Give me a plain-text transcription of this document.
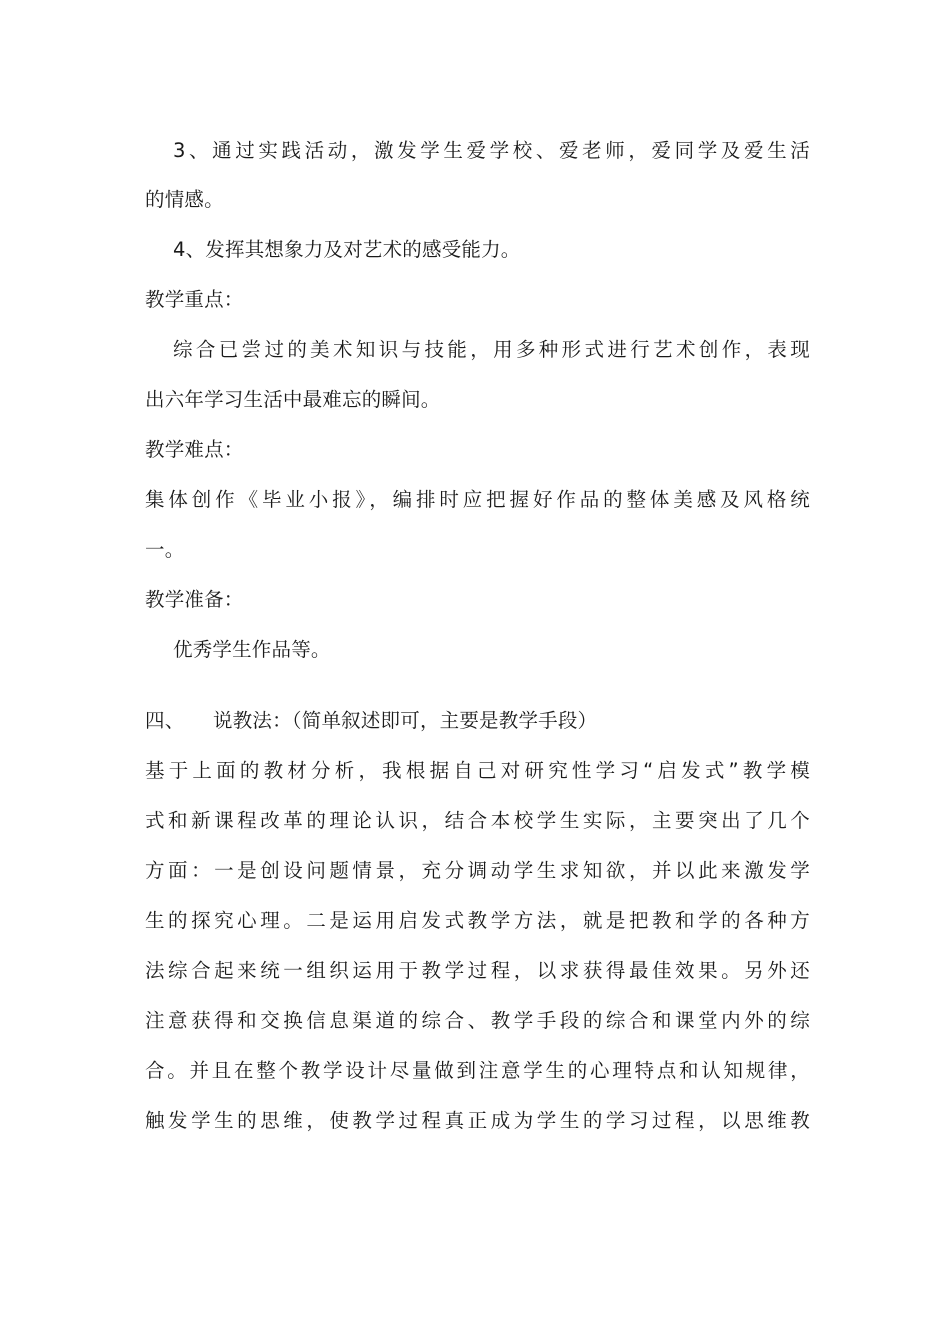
3、通过实践活动，激发学生爱学校、爱老师，爱同学及爱生活
的情感。
4、发挥其想象力及对艺术的感受能力。
教学重点：
综合已尝过的美术知识与技能，用多种形式进行艺术创作，表现
出六年学习生活中最难忘的瞬间。
教学难点：
集体创作《毕业小报》，编排时应把握好作品的整体美感及风格统
一。
教学准备：
优秀学生作品等。
四、 说教法：（简单叙述即可，主要是教学手段）
基于上面的教材分析，我根据自己对研究性学习“启发式”教学模
式和新课程改革的理论认识，结合本校学生实际，主要突出了几个
方面：一是创设问题情景，充分调动学生求知欲，并以此来激发学
生的探究心理。二是运用启发式教学方法，就是把教和学的各种方
法综合起来统一组织运用于教学过程，以求获得最佳效果。另外还
注意获得和交换信息渠道的综合、教学手段的综合和课堂内外的综
合。并且在整个教学设计尽量做到注意学生的心理特点和认知规律，
触发学生的思维，使教学过程真正成为学生的学习过程，以思维教
